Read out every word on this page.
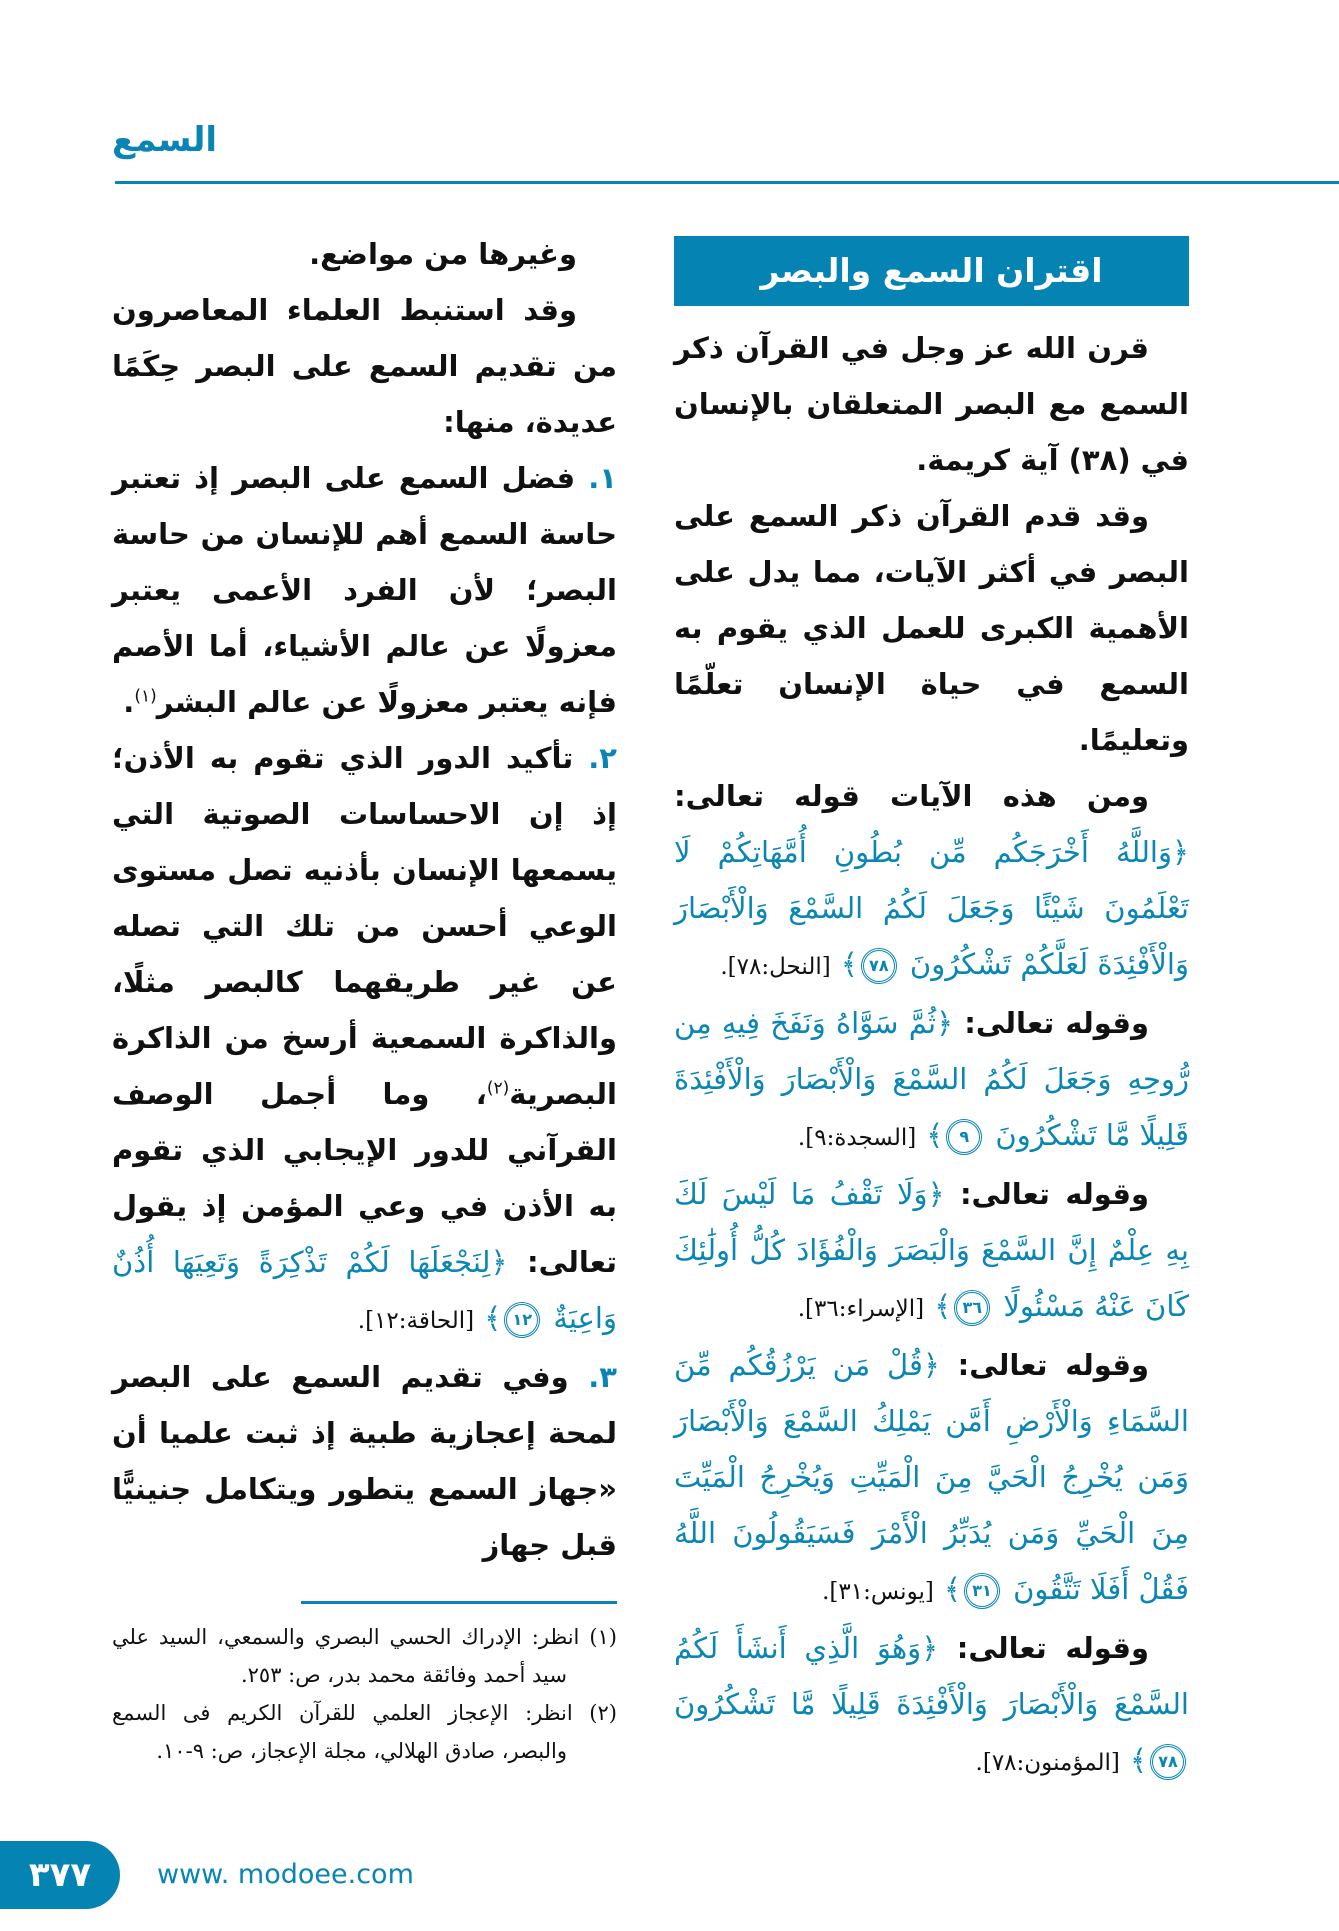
السمع

وغيرها من مواضع.

وقد استنبط العلماء المعاصرون من تقديم السمع على البصر حِكَمًا عديدة، منها:

١. فضل السمع على البصر إذ تعتبر حاسة السمع أهم للإنسان من حاسة البصر؛ لأن الفرد الأعمى يعتبر معزولًا عن عالم الأشياء، أما الأصم فإنه يعتبر معزولًا عن عالم البشر$^{(١)}$.

٢. تأكيد الدور الذي تقوم به الأذن؛ إذ إن الاحساسات الصوتية التي يسمعها الإنسان بأذنيه تصل مستوى الوعي أحسن من تلك التي تصله عن غير طريقهما كالبصر مثلًا، والذاكرة السمعية أرسخ من الذاكرة البصرية$^{(٢)}$، وما أجمل الوصف القرآني للدور الإيجابي الذي تقوم به الأذن في وعي المؤمن إذ يقول تعالى: ﴿لِنَجْعَلَهَا لَكُمْ تَذْكِرَةً وَتَعِيَهَا أُذُنٌ وَاعِيَةٌ ١٢﴾ [الحاقة:١٢].

٣. وفي تقديم السمع على البصر لمحة إعجازية طبية إذ ثبت علميا أن «جهاز السمع يتطور ويتكامل جنينيًّا قبل جهاز

(١) انظر: الإدراك الحسي البصري والسمعي، السيد علي سيد أحمد وفائقة محمد بدر، ص: ٢٥٣.
(٢) انظر: الإعجاز العلمي للقرآن الكريم فى السمع والبصر، صادق الهلالي، مجلة الإعجاز، ص: ٩-١٠.
اقتران السمع والبصر

قرن الله عز وجل في القرآن ذكر السمع مع البصر المتعلقان بالإنسان في (٣٨) آية كريمة.

وقد قدم القرآن ذكر السمع على البصر في أكثر الآيات، مما يدل على الأهمية الكبرى للعمل الذي يقوم به السمع في حياة الإنسان تعلّمًا وتعليمًا.

ومن هذه الآيات قوله تعالى: ﴿وَاللَّهُ أَخْرَجَكُم مِّن بُطُونِ أُمَّهَاتِكُمْ لَا تَعْلَمُونَ شَيْئًا وَجَعَلَ لَكُمُ السَّمْعَ وَالْأَبْصَارَ وَالْأَفْئِدَةَ لَعَلَّكُمْ تَشْكُرُونَ ٧٨﴾ [النحل:٧٨].

وقوله تعالى: ﴿ثُمَّ سَوَّاهُ وَنَفَخَ فِيهِ مِن رُّوحِهِ وَجَعَلَ لَكُمُ السَّمْعَ وَالْأَبْصَارَ وَالْأَفْئِدَةَ قَلِيلًا مَّا تَشْكُرُونَ ٩﴾ [السجدة:٩].

وقوله تعالى: ﴿وَلَا تَقْفُ مَا لَيْسَ لَكَ بِهِ عِلْمٌ إِنَّ السَّمْعَ وَالْبَصَرَ وَالْفُؤَادَ كُلُّ أُولَٰئِكَ كَانَ عَنْهُ مَسْئُولًا ٣٦﴾ [الإسراء:٣٦].

وقوله تعالى: ﴿قُلْ مَن يَرْزُقُكُم مِّنَ السَّمَاءِ وَالْأَرْضِ أَمَّن يَمْلِكُ السَّمْعَ وَالْأَبْصَارَ وَمَن يُخْرِجُ الْحَيَّ مِنَ الْمَيِّتِ وَيُخْرِجُ الْمَيِّتَ مِنَ الْحَيِّ وَمَن يُدَبِّرُ الْأَمْرَ فَسَيَقُولُونَ اللَّهُ فَقُلْ أَفَلَا تَتَّقُونَ ٣١﴾ [يونس:٣١].

وقوله تعالى: ﴿وَهُوَ الَّذِي أَنشَأَ لَكُمُ السَّمْعَ وَالْأَبْصَارَ وَالْأَفْئِدَةَ قَلِيلًا مَّا تَشْكُرُونَ ٧٨﴾ [المؤمنون:٧٨].

٣٧٧	www. modoee.com
